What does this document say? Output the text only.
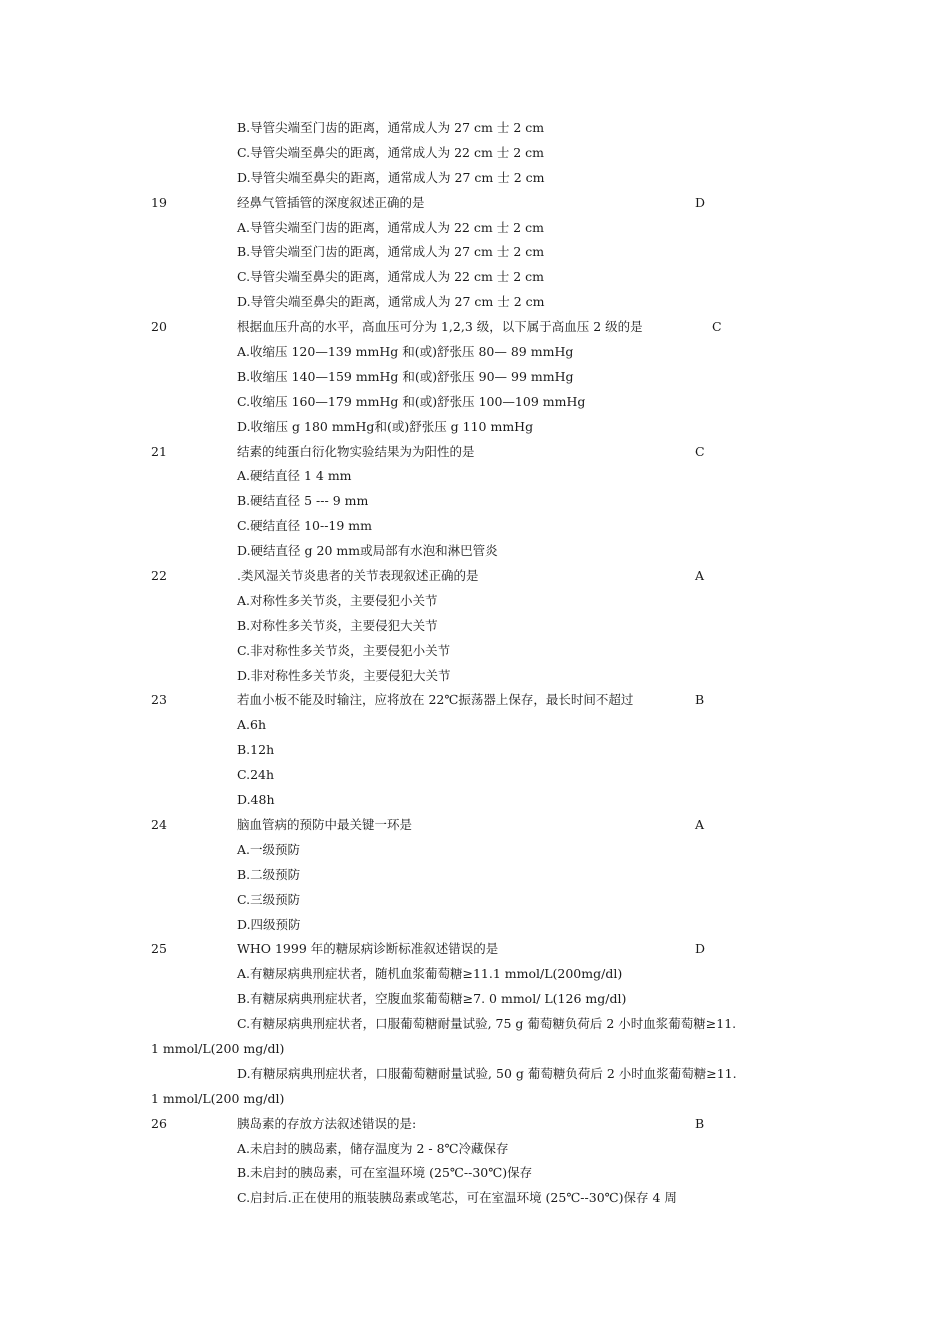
B.导管尖端至门齿的距离，通常成人为 27 cm 士 2 cm
C.导管尖端至鼻尖的距离，通常成人为 22 cm 士 2 cm
D.导管尖端至鼻尖的距离，通常成人为 27 cm 士 2 cm
19	经鼻气管插管的深度叙述正确的是	D
A.导管尖端至门齿的距离，通常成人为 22 cm 士 2 cm
B.导管尖端至门齿的距离，通常成人为 27 cm 士 2 cm
C.导管尖端至鼻尖的距离，通常成人为 22 cm 士 2 cm
D.导管尖端至鼻尖的距离，通常成人为 27 cm 士 2 cm
20	根据血压升高的水平，高血压可分为 1,2,3 级，以下属于高血压 2 级的是	C
A.收缩压 120—139 mmHg 和(或)舒张压 80— 89 mmHg
B.收缩压 140—159 mmHg 和(或)舒张压 90— 99 mmHg
C.收缩压 160—179 mmHg 和(或)舒张压 100—109 mmHg
D.收缩压 g 180 mmHg和(或)舒张压 g 110 mmHg
21	结素的纯蛋白衍化物实验结果为为阳性的是	C
A.硬结直径 1 4 mm
B.硬结直径 5 --- 9 mm
C.硬结直径 10--19 mm
D.硬结直径 g 20 mm或局部有水泡和淋巴管炎
22	.类风湿关节炎患者的关节表现叙述正确的是	A
A.对称性多关节炎，主要侵犯小关节
B.对称性多关节炎，主要侵犯大关节
C.非对称性多关节炎，主要侵犯小关节
D.非对称性多关节炎，主要侵犯大关节
23	若血小板不能及时输注，应将放在 22℃振荡器上保存，最长时间不超过	B
A.6h
B.12h
C.24h
D.48h
24	脑血管病的预防中最关键一环是	A
A.一级预防
B.二级预防
C.三级预防
D.四级预防
25	WHO 1999 年的糖尿病诊断标准叙述错误的是	D
A.有糖尿病典刑症状者，随机血浆葡萄糖≥11.1 mmol/L(200mg/dl)
B.有糖尿病典刑症状者，空腹血浆葡萄糖≥7. 0 mmol/ L(126 mg/dl)
C.有糖尿病典刑症状者，口服葡萄糖耐量试验, 75 g 葡萄糖负荷后 2 小时血浆葡萄糖≥11.
1 mmol/L(200 mg/dl)
D.有糖尿病典刑症状者，口服葡萄糖耐量试验, 50 g 葡萄糖负荷后 2 小时血浆葡萄糖≥11.
1 mmol/L(200 mg/dl)
26	胰岛素的存放方法叙述错误的是:	B
A.未启封的胰岛素，储存温度为 2 - 8℃冷藏保存
B.未启封的胰岛素，可在室温环境 (25℃--30℃)保存
C.启封后.正在使用的瓶装胰岛素或笔芯，可在室温环境 (25℃--30℃)保存 4 周
